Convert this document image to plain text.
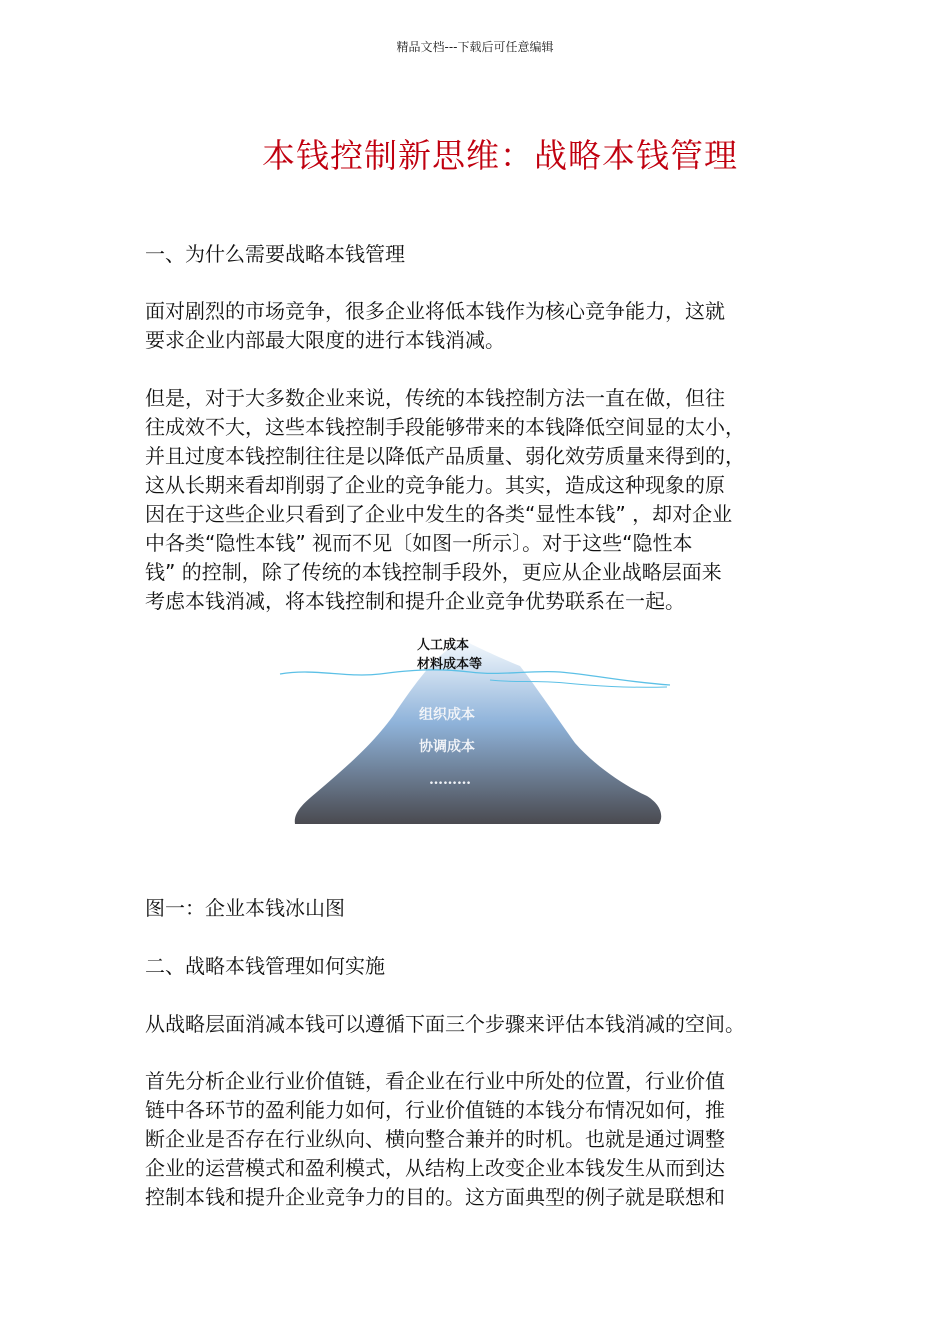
精品文档---下载后可任意编辑
本钱控制新思维：战略本钱管理
一、为什么需要战略本钱管理
面对剧烈的市场竞争，很多企业将低本钱作为核心竞争能力，这就
要求企业内部最大限度的进行本钱消减。
但是，对于大多数企业来说，传统的本钱控制方法一直在做，但往
往成效不大，这些本钱控制手段能够带来的本钱降低空间显的太小，
并且过度本钱控制往往是以降低产品质量、弱化效劳质量来得到的，
这从长期来看却削弱了企业的竞争能力。其实，造成这种现象的原
因在于这些企业只看到了企业中发生的各类“显性本钱” ，却对企业
中各类“隐性本钱” 视而不见〔如图一所示〕。对于这些“隐性本
钱” 的控制，除了传统的本钱控制手段外，更应从企业战略层面来
考虑本钱消减，将本钱控制和提升企业竞争优势联系在一起。
人工成本
材料成本等
组织成本
协调成本
………
图一：企业本钱冰山图
二、战略本钱管理如何实施
从战略层面消减本钱可以遵循下面三个步骤来评估本钱消减的空间。
首先分析企业行业价值链，看企业在行业中所处的位置，行业价值
链中各环节的盈利能力如何，行业价值链的本钱分布情况如何，推
断企业是否存在行业纵向、横向整合兼并的时机。也就是通过调整
企业的运营模式和盈利模式，从结构上改变企业本钱发生从而到达
控制本钱和提升企业竞争力的目的。这方面典型的例子就是联想和
